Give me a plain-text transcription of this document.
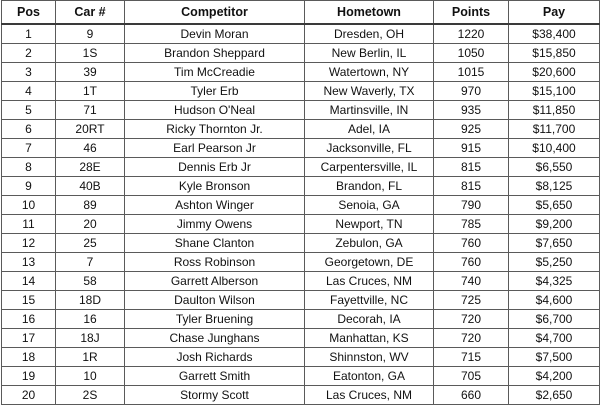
Pos	Car #	Competitor	Hometown	Points	Pay
1	9	Devin Moran	Dresden, OH	1220	$38,400
2	1S	Brandon Sheppard	New Berlin, IL	1050	$15,850
3	39	Tim McCreadie	Watertown, NY	1015	$20,600
4	1T	Tyler Erb	New Waverly, TX	970	$15,100
5	71	Hudson O'Neal	Martinsville, IN	935	$11,850
6	20RT	Ricky Thornton Jr.	Adel, IA	925	$11,700
7	46	Earl Pearson Jr	Jacksonville, FL	915	$10,400
8	28E	Dennis Erb Jr	Carpentersville, IL	815	$6,550
9	40B	Kyle Bronson	Brandon, FL	815	$8,125
10	89	Ashton Winger	Senoia, GA	790	$5,650
11	20	Jimmy Owens	Newport, TN	785	$9,200
12	25	Shane Clanton	Zebulon, GA	760	$7,650
13	7	Ross Robinson	Georgetown, DE	760	$5,250
14	58	Garrett Alberson	Las Cruces, NM	740	$4,325
15	18D	Daulton Wilson	Fayettville, NC	725	$4,600
16	16	Tyler Bruening	Decorah, IA	720	$6,700
17	18J	Chase Junghans	Manhattan, KS	720	$4,700
18	1R	Josh Richards	Shinnston, WV	715	$7,500
19	10	Garrett Smith	Eatonton, GA	705	$4,200
20	2S	Stormy Scott	Las Cruces, NM	660	$2,650
